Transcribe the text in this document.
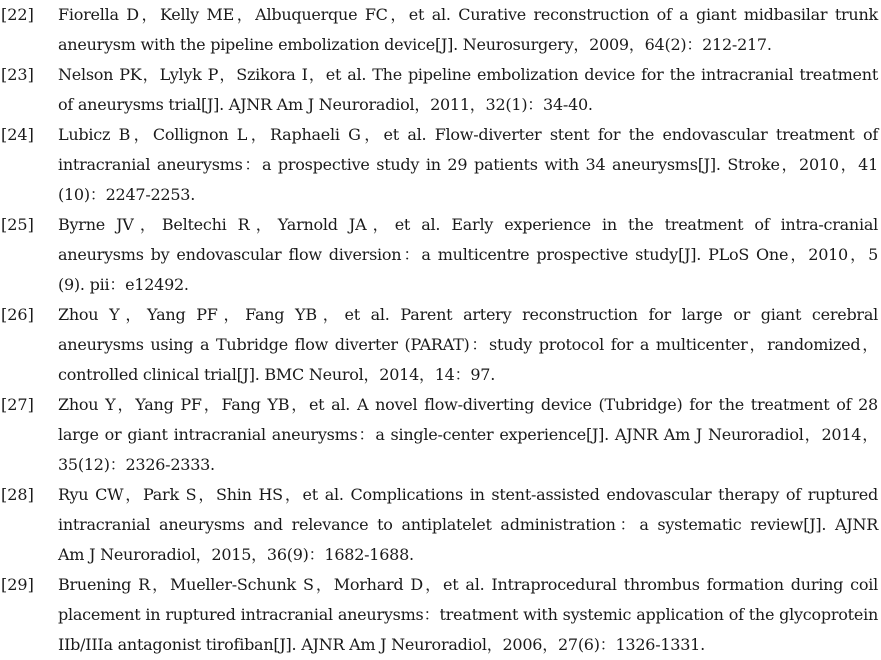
[22] Fiorella D，Kelly ME，Albuquerque FC，et al. Curative reconstruction of a giant midbasilar trunk
aneurysm with the pipeline embolization device[J]. Neurosurgery，2009，64(2)：212-217.
[23] Nelson PK，Lylyk P，Szikora I，et al. The pipeline embolization device for the intracranial treatment
of aneurysms trial[J]. AJNR Am J Neuroradiol，2011，32(1)：34-40.
[24] Lubicz B，Collignon L，Raphaeli G，et al. Flow-diverter stent for the endovascular treatment of
intracranial aneurysms：a prospective study in 29 patients with 34 aneurysms[J]. Stroke，2010，41
(10)：2247-2253.
[25] Byrne JV，Beltechi R，Yarnold JA，et al. Early experience in the treatment of intra-cranial
aneurysms by endovascular flow diversion：a multicentre prospective study[J]. PLoS One，2010，5
(9). pii：e12492.
[26] Zhou Y，Yang PF，Fang YB，et al. Parent artery reconstruction for large or giant cerebral
aneurysms using a Tubridge flow diverter (PARAT)：study protocol for a multicenter，randomized，
controlled clinical trial[J]. BMC Neurol，2014，14：97.
[27] Zhou Y，Yang PF，Fang YB，et al. A novel flow-diverting device (Tubridge) for the treatment of 28
large or giant intracranial aneurysms：a single-center experience[J]. AJNR Am J Neuroradiol，2014，
35(12)：2326-2333.
[28] Ryu CW，Park S，Shin HS，et al. Complications in stent-assisted endovascular therapy of ruptured
intracranial aneurysms and relevance to antiplatelet administration：a systematic review[J]. AJNR
Am J Neuroradiol，2015，36(9)：1682-1688.
[29] Bruening R，Mueller-Schunk S，Morhard D，et al. Intraprocedural thrombus formation during coil
placement in ruptured intracranial aneurysms：treatment with systemic application of the glycoprotein
IIb/IIIa antagonist tirofiban[J]. AJNR Am J Neuroradiol，2006，27(6)：1326-1331.
